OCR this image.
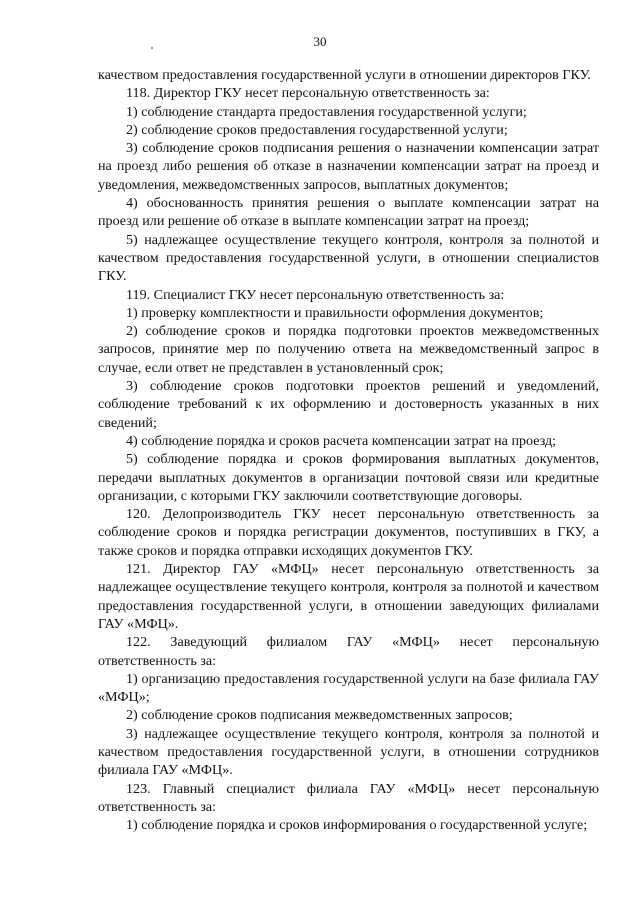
30

качеством предоставления государственной услуги в отношении директоров ГКУ.

118. Директор ГКУ несет персональную ответственность за:

1) соблюдение стандарта предоставления государственной услуги;

2) соблюдение сроков предоставления государственной услуги;

3) соблюдение сроков подписания решения о назначении компенсации затрат на проезд либо решения об отказе в назначении компенсации затрат на проезд и уведомления, межведомственных запросов, выплатных документов;

4) обоснованность принятия решения о выплате компенсации затрат на проезд или решение об отказе в выплате компенсации затрат на проезд;

5) надлежащее осуществление текущего контроля, контроля за полнотой и качеством предоставления государственной услуги, в отношении специалистов ГКУ.

119. Специалист ГКУ несет персональную ответственность за:

1) проверку комплектности и правильности оформления документов;

2) соблюдение сроков и порядка подготовки проектов межведомственных запросов, принятие мер по получению ответа на межведомственный запрос в случае, если ответ не представлен в установленный срок;

3) соблюдение сроков подготовки проектов решений и уведомлений, соблюдение требований к их оформлению и достоверность указанных в них сведений;

4) соблюдение порядка и сроков расчета компенсации затрат на проезд;

5) соблюдение порядка и сроков формирования выплатных документов, передачи выплатных документов в организации почтовой связи или кредитные организации, с которыми ГКУ заключили соответствующие договоры.

120. Делопроизводитель ГКУ несет персональную ответственность за соблюдение сроков и порядка регистрации документов, поступивших в ГКУ, а также сроков и порядка отправки исходящих документов ГКУ.

121. Директор ГАУ «МФЦ» несет персональную ответственность за надлежащее осуществление текущего контроля, контроля за полнотой и качеством предоставления государственной услуги, в отношении заведующих филиалами ГАУ «МФЦ».

122. Заведующий филиалом ГАУ «МФЦ» несет персональную ответственность за:

1) организацию предоставления государственной услуги на базе филиала ГАУ «МФЦ»;

2) соблюдение сроков подписания межведомственных запросов;

3) надлежащее осуществление текущего контроля, контроля за полнотой и качеством предоставления государственной услуги, в отношении сотрудников филиала ГАУ «МФЦ».

123. Главный специалист филиала ГАУ «МФЦ» несет персональную ответственность за:

1) соблюдение порядка и сроков информирования о государственной услуге;
